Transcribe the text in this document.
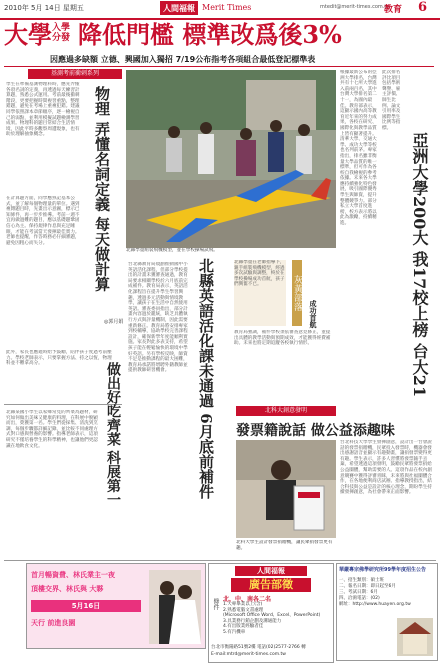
2010年 5月 14日 星期五	人間福報 Merit Times	mtedit@merit-times.com.tw
教育 6
大學入學
分發 降低門檻 標準改爲後3%
因應過多缺額 立德、興國加入獨招 7/19公布指考各項組合最低登記標準表
基測考前衝刺系列
學生在準備基測物理科時，應先弄懂各項名詞的定義，再透過每天練習計算題，熟悉公式運用。考前最後衝刺階段，更要把握時間複習重點，整理錯題，避免在考場上重複犯錯。建議同學依照課本章節順序，逐一檢視自己的弱點，並利用模擬試題檢測學習成果。物理科的題目常結合生活情境，因此平時多觀察周遭現象，也有助於理解抽象概念。
在計算題方面，同學應熟記基本公式，並了解每個物理量的單位。遇到複雜題目時，先畫出示意圖，標示已知條件，再一步步推導。考前一週不宜再做過難的題目，應以基礎題鞏固信心為主。保持規律作息與充足睡眠，才能在考試當天發揮最佳實力。老師也提醒，作答時務必仔細審題，避免因粗心而失分。	物理 弄懂名詞定義 每天做計算
◎郭月娟
此外，家長也應適時給予鼓勵，陪伴孩子度過考前壓力。學校老師表示，只要掌握方法、持之以恆，物理科並不難拿高分。	做出好吃齊菜 科展第一
北縣某國小學生以家鄉常見的齊菜為題材，研究如何做出美味又健康的料理，在科展中脫穎而出，榮獲第一名。學生們從採集、清洗到烹調，每個步驟都詳細記錄，並比較不同處理方式對口感與營養的影響。指導老師表示，這項研究不僅培養學生的科學精神，也讓他們更認識在地飲食文化。
北縣學童組裝飛機模型，並在學校操場試飛。
北縣學童在老師指導下，親手組裝飛機模型，經過多次試驗與調整，終於在學校操場成功首航，孩子們興奮不已。	灰黃部落
成功首航
北縣英語活化課未通過 6月底前補件
台北縣教育局規劃推動國中小英語活化課程，但部分學校提出的計畫未獲審查通過，教育局要求相關學校於六月底前完成補件。教育局表示，英語活化課程旨在提升學生學習興趣，透過多元活動與情境教學，讓孩子在生活中自然使用英語。審查委員指出，部分計畫內容過於籠統，缺乏具體執行方式與評量機制，因此需要重新修正。教育局將安排專家到校輔導，協助學校完善課程設計，確保新學年度能順利實施。家長對此多表支持，希望孩子能在輕鬆愉快的環境中學好英語。另有學校反映，師資不足是推動課程的最大困難，教育局承諾將增聘外籍教師並提供教師研習機會。
教育局強調，補件學校須依審查意見修正，並提出具體的教學活動與預期成效，才能獲得經費補助。未來也將定期追蹤各校執行情形。
根據最新公布的亞洲大學排名，台灣共有十七所大學進入前兩百名，其中台灣大學排名第二十一，為國內最佳。教育部表示，這顯示國內高等教育近年來的努力成果，各校在研究、國際化與教學品質上皆有顯著提升。清華大學、交通大學、成功大學等校也名列前茅。專家指出，排名雖非衡量大學品質的唯一標準，但可作為各校自我檢視的參考依據。未來各大學應持續強化特色發展，吸引國際優秀學生與師資，提升整體競爭力。部分私立大學首度進榜，校方表示將以此為激勵，持續精進。
此次排名評比項目包括學術聲譽、雇主評價、師生比例、論文引用率及國際學生比例等指標。
亞洲大學200大 我17校上榜 台大21
北科大創意發明
發票籍說話 做公益添趣味
北科大學生設計發票捐贈機，讓民眾捐發票更有趣。
台北科技大學學生發揮創意，設計出一台會說話的發票捐贈機，民眾投入發票時，機器會發出感謝語音並顯示有趣動畫，讓捐發票變得更有趣。學生表示，許多人習慣將發票隨手丟棄，希望透過這項發明，鼓勵民眾將發票捐給公益團體，幫助需要的人。這項作品在校內創意競賽中獲得評審青睞，未來將與社福團體合作，在各地便利商店試辦。指導教授指出，結合科技與公益是設計的核心理念，期盼學生持續發揮創意，為社會帶來正面影響。
首月暢資費、林氏業主一夜
頂樓交界、林氏與 大夥
5月16日
天行 前進良園
人間福報
廣告部徵
條件 北、中、南各二名
1.大專畢業以上(含)
2.熟悉電腦文書處理
(Microsoft Office Word、Excel、PowerPoint)
3.具業務行銷企劃及溝通能力
4.有出版業經驗者佳
5.有汽機車
台北市衡陽路51號2樓 電話(02)2577-2766 轉
E-mail:mtrd@merit-times.com.tw
華嚴專宗佛學研究所99學年度招生公告
一、招生類別：碩士班
二、報名日期：即日起至6月
三、考試日期：6月
四、洽詢電話：(02)
網址：http://www.huayen.org.tw
